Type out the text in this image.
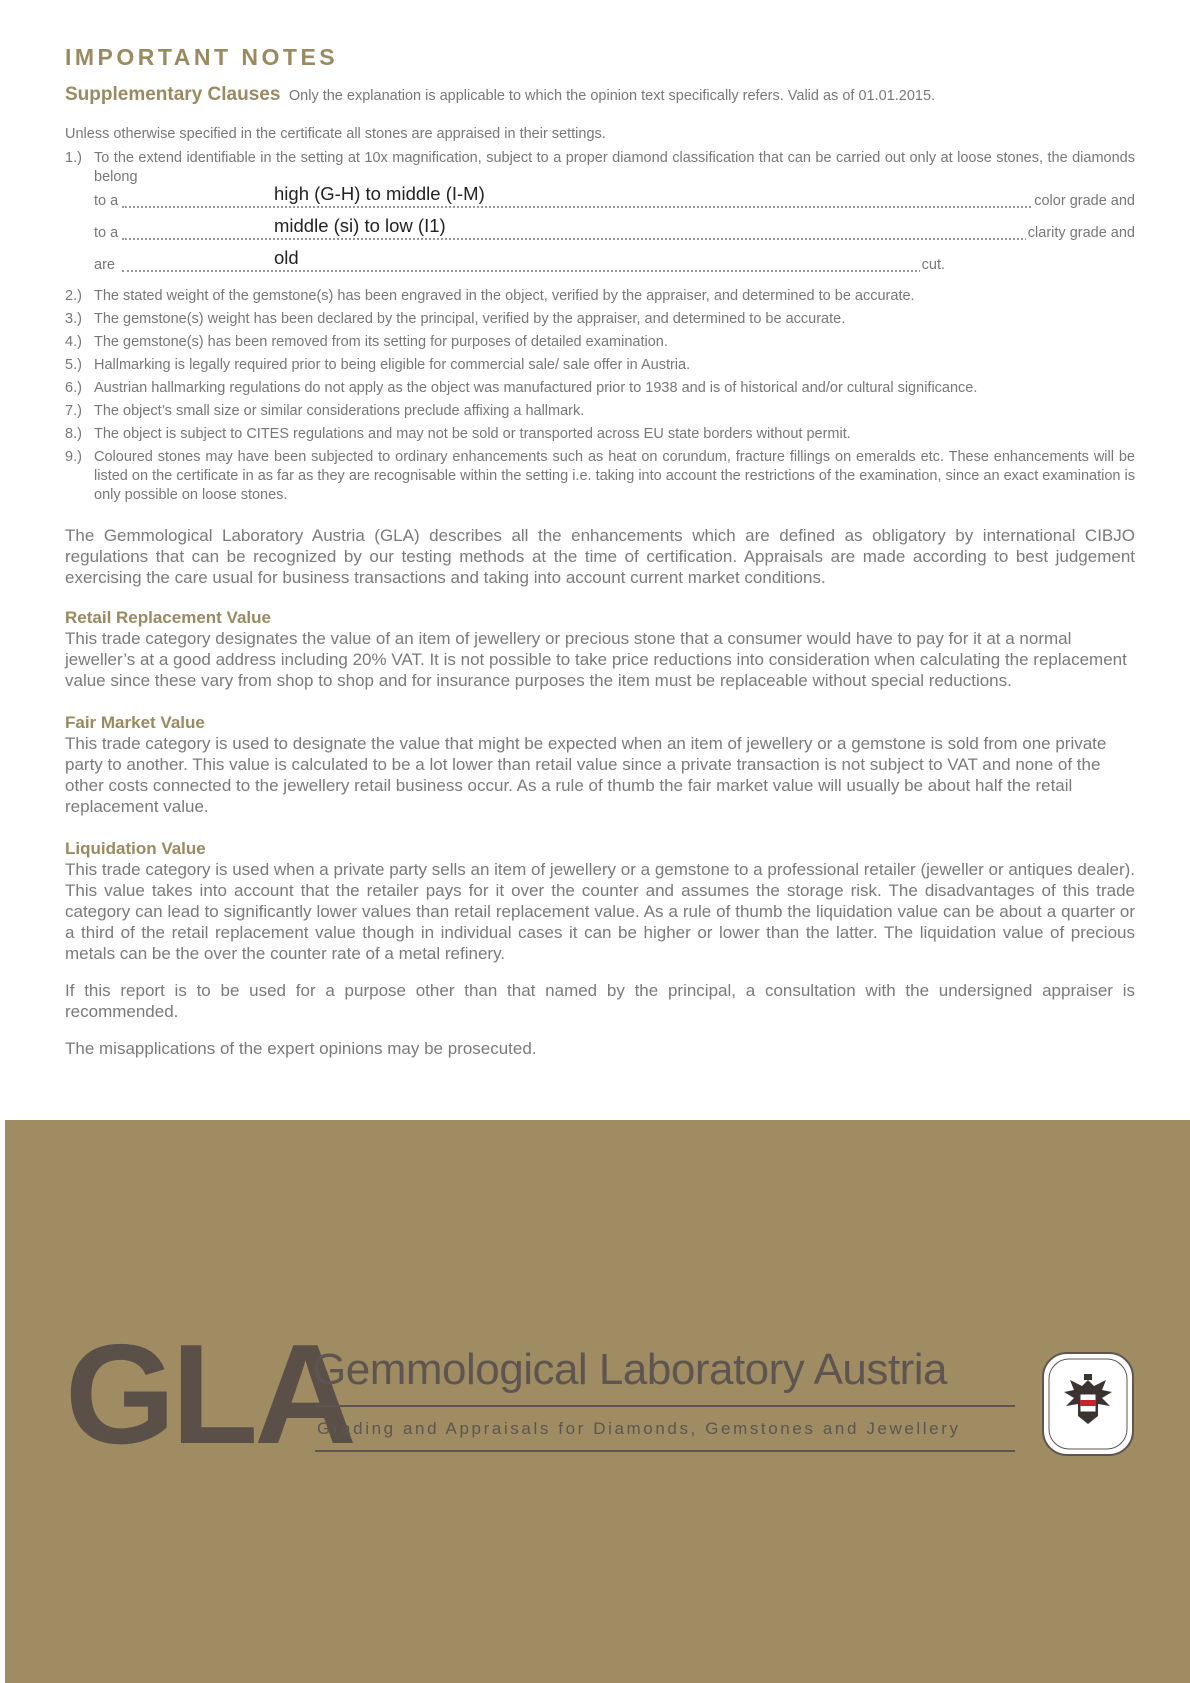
IMPORTANT NOTES
Supplementary Clauses Only the explanation is applicable to which the opinion text specifically refers. Valid as of 01.01.2015.
Unless otherwise specified in the certificate all stones are appraised in their settings.
1.) To the extend identifiable in the setting at 10x magnification, subject to a proper diamond classification that can be carried out only at loose stones, the diamonds belong
to a	high (G-H) to middle (I-M)	color grade and
to a	middle (si) to low (I1)	clarity grade and
are	old	cut.
2.) The stated weight of the gemstone(s) has been engraved in the object, verified by the appraiser, and determined to be accurate.
3.) The gemstone(s) weight has been declared by the principal, verified by the appraiser, and determined to be accurate.
4.) The gemstone(s) has been removed from its setting for purposes of detailed examination.
5.) Hallmarking is legally required prior to being eligible for commercial sale/ sale offer in Austria.
6.) Austrian hallmarking regulations do not apply as the object was manufactured prior to 1938 and is of historical and/or cultural significance.
7.) The object’s small size or similar considerations preclude affixing a hallmark.
8.) The object is subject to CITES regulations and may not be sold or transported across EU state borders without permit.
9.) Coloured stones may have been subjected to ordinary enhancements such as heat on corundum, fracture fillings on emeralds etc. These enhancements will be listed on the certificate in as far as they are recognisable within the setting i.e. taking into account the restrictions of the examination, since an exact examination is only possible on loose stones.

The Gemmological Laboratory Austria (GLA) describes all the enhancements which are defined as obligatory by international CIBJO regulations that can be recognized by our testing methods at the time of certification. Appraisals are made according to best judgement exercising the care usual for business transactions and taking into account current market conditions.

Retail Replacement Value

This trade category designates the value of an item of jewellery or precious stone that a consumer would have to pay for it at a normal jeweller’s at a good address including 20% VAT. It is not possible to take price reductions into consideration when calculating the replacement value since these vary from shop to shop and for insurance purposes the item must be replaceable without special reductions.

Fair Market Value

This trade category is used to designate the value that might be expected when an item of jewellery or a gemstone is sold from one private party to another. This value is calculated to be a lot lower than retail value since a private transaction is not subject to VAT and none of the other costs connected to the jewellery retail business occur. As a rule of thumb the fair market value will usually be about half the retail replacement value.

Liquidation Value

This trade category is used when a private party sells an item of jewellery or a gemstone to a professional retailer (jeweller or antiques dealer). This value takes into account that the retailer pays for it over the counter and assumes the storage risk. The disadvantages of this trade category can lead to significantly lower values than retail replacement value. As a rule of thumb the liquidation value can be about a quarter or a third of the retail replacement value though in individual cases it can be higher or lower than the latter. The liquidation value of precious metals can be the over the counter rate of a metal refinery.

If this report is to be used for a purpose other than that named by the principal, a consultation with the undersigned appraiser is recommended.

The misapplications of the expert opinions may be prosecuted.

GLA
Gemmological Laboratory Austria
Grading and Appraisals for Diamonds, Gemstones and Jewellery
